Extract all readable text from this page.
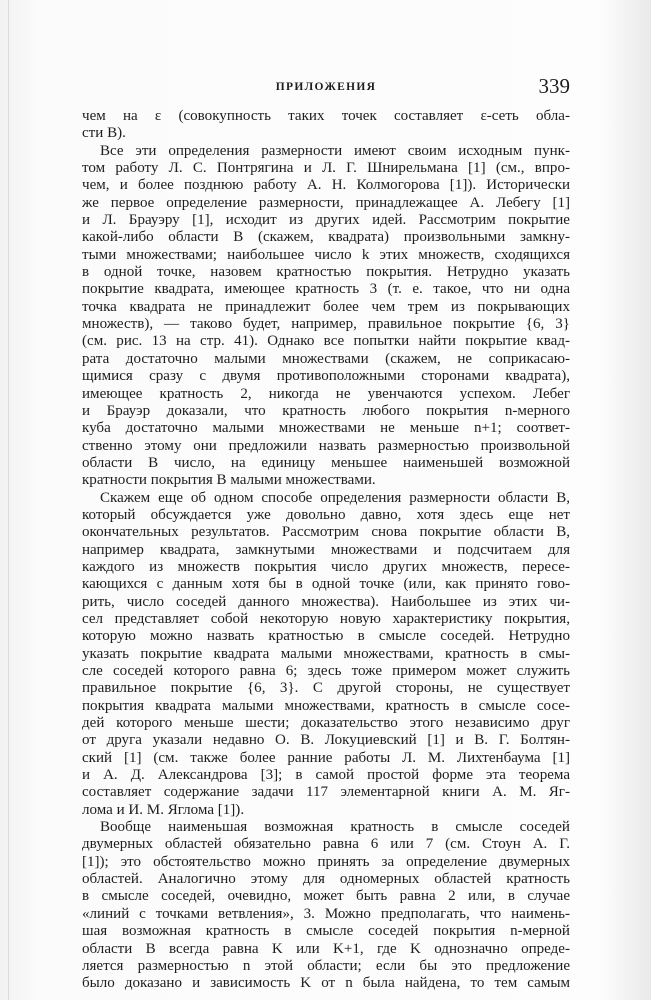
ПРИЛОЖЕНИЯ	339

чем на ε (совокупность таких точек составляет ε-сеть обла-
сти B).

Все эти определения размерности имеют своим исходным пунк-
том работу Л. С. Понтрягина и Л. Г. Шнирельмана [1] (см., впро-
чем, и более позднюю работу А. Н. Колмогорова [1]). Исторически
же первое определение размерности, принадлежащее А. Лебегу [1]
и Л. Брауэру [1], исходит из других идей. Рассмотрим покрытие
какой-либо области B (скажем, квадрата) произвольными замкну-
тыми множествами; наибольшее число k этих множеств, сходящихся
в одной точке, назовем кратностью покрытия. Нетрудно указать
покрытие квадрата, имеющее кратность 3 (т. е. такое, что ни одна
точка квадрата не принадлежит более чем трем из покрывающих
множеств), — таково будет, например, правильное покрытие {6, 3}
(см. рис. 13 на стр. 41). Однако все попытки найти покрытие квад-
рата достаточно малыми множествами (скажем, не соприкасаю-
щимися сразу с двумя противоположными сторонами квадрата),
имеющее кратность 2, никогда не увенчаются успехом. Лебег
и Брауэр доказали, что кратность любого покрытия n-мерного
куба достаточно малыми множествами не меньше n+1; соответ-
ственно этому они предложили назвать размерностью произвольной
области B число, на единицу меньшее наименьшей возможной
кратности покрытия B малыми множествами.

Скажем еще об одном способе определения размерности области B,
который обсуждается уже довольно давно, хотя здесь еще нет
окончательных результатов. Рассмотрим снова покрытие области B,
например квадрата, замкнутыми множествами и подсчитаем для
каждого из множеств покрытия число других множеств, пересе-
кающихся с данным хотя бы в одной точке (или, как принято гово-
рить, число соседей данного множества). Наибольшее из этих чи-
сел представляет собой некоторую новую характеристику покрытия,
которую можно назвать кратностью в смысле соседей. Нетрудно
указать покрытие квадрата малыми множествами, кратность в смы-
сле соседей которого равна 6; здесь тоже примером может служить
правильное покрытие {6, 3}. С другой стороны, не существует
покрытия квадрата малыми множествами, кратность в смысле сосе-
дей которого меньше шести; доказательство этого независимо друг
от друга указали недавно О. В. Локуциевский [1] и В. Г. Болтян-
ский [1] (см. также более ранние работы Л. М. Лихтенбаума [1]
и А. Д. Александрова [3]; в самой простой форме эта теорема
составляет содержание задачи 117 элементарной книги А. М. Яг-
лома и И. М. Яглома [1]).

Вообще наименьшая возможная кратность в смысле соседей
двумерных областей обязательно равна 6 или 7 (см. Стоун А. Г.
[1]); это обстоятельство можно принять за определение двумерных
областей. Аналогично этому для одномерных областей кратность
в смысле соседей, очевидно, может быть равна 2 или, в случае
«линий с точками ветвления», 3. Можно предполагать, что наимень-
шая возможная кратность в смысле соседей покрытия n-мерной
области B всегда равна K или K+1, где K однозначно опреде-
ляется размерностью n этой области; если бы это предложение
было доказано и зависимость K от n была найдена, то тем самым
